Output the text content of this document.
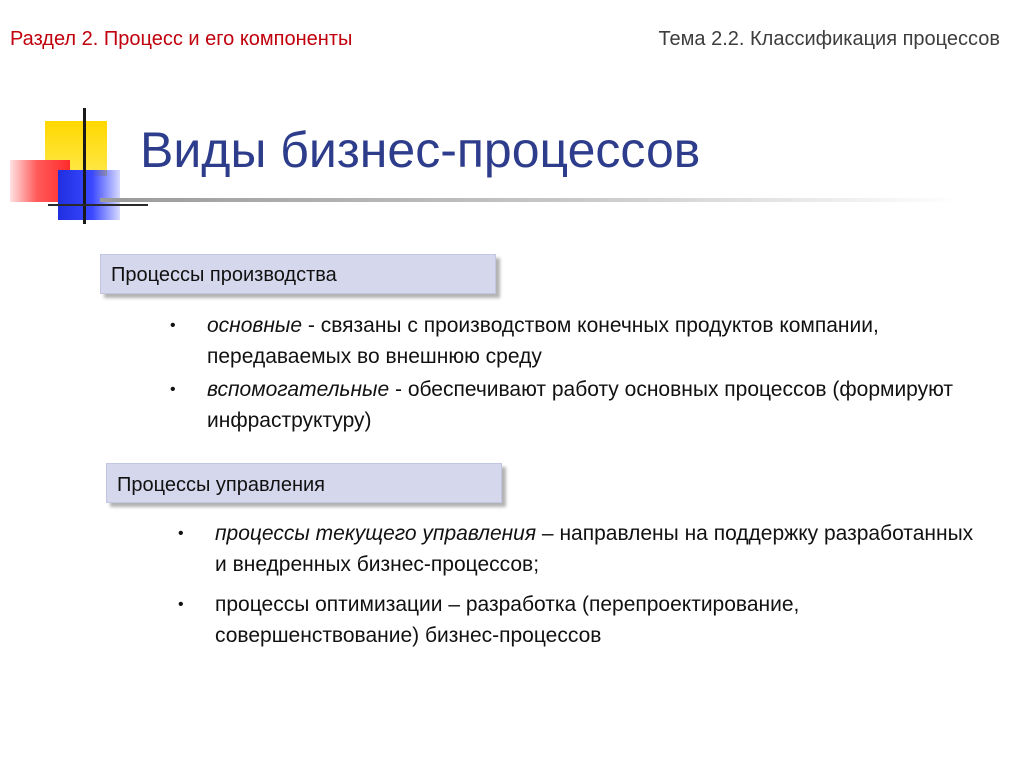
Раздел 2. Процесс и его компоненты	Тема 2.2. Классификация процессов
Виды бизнес-процессов
Процессы производства
• основные - связаны с производством конечных продуктов компании, передаваемых во внешнюю среду
• вспомогательные - обеспечивают работу основных процессов (формируют инфраструктуру)
Процессы управления
• процессы текущего управления – направлены на поддержку разработанных и внедренных бизнес-процессов;
• процессы оптимизации – разработка (перепроектирование, совершенствование) бизнес-процессов
